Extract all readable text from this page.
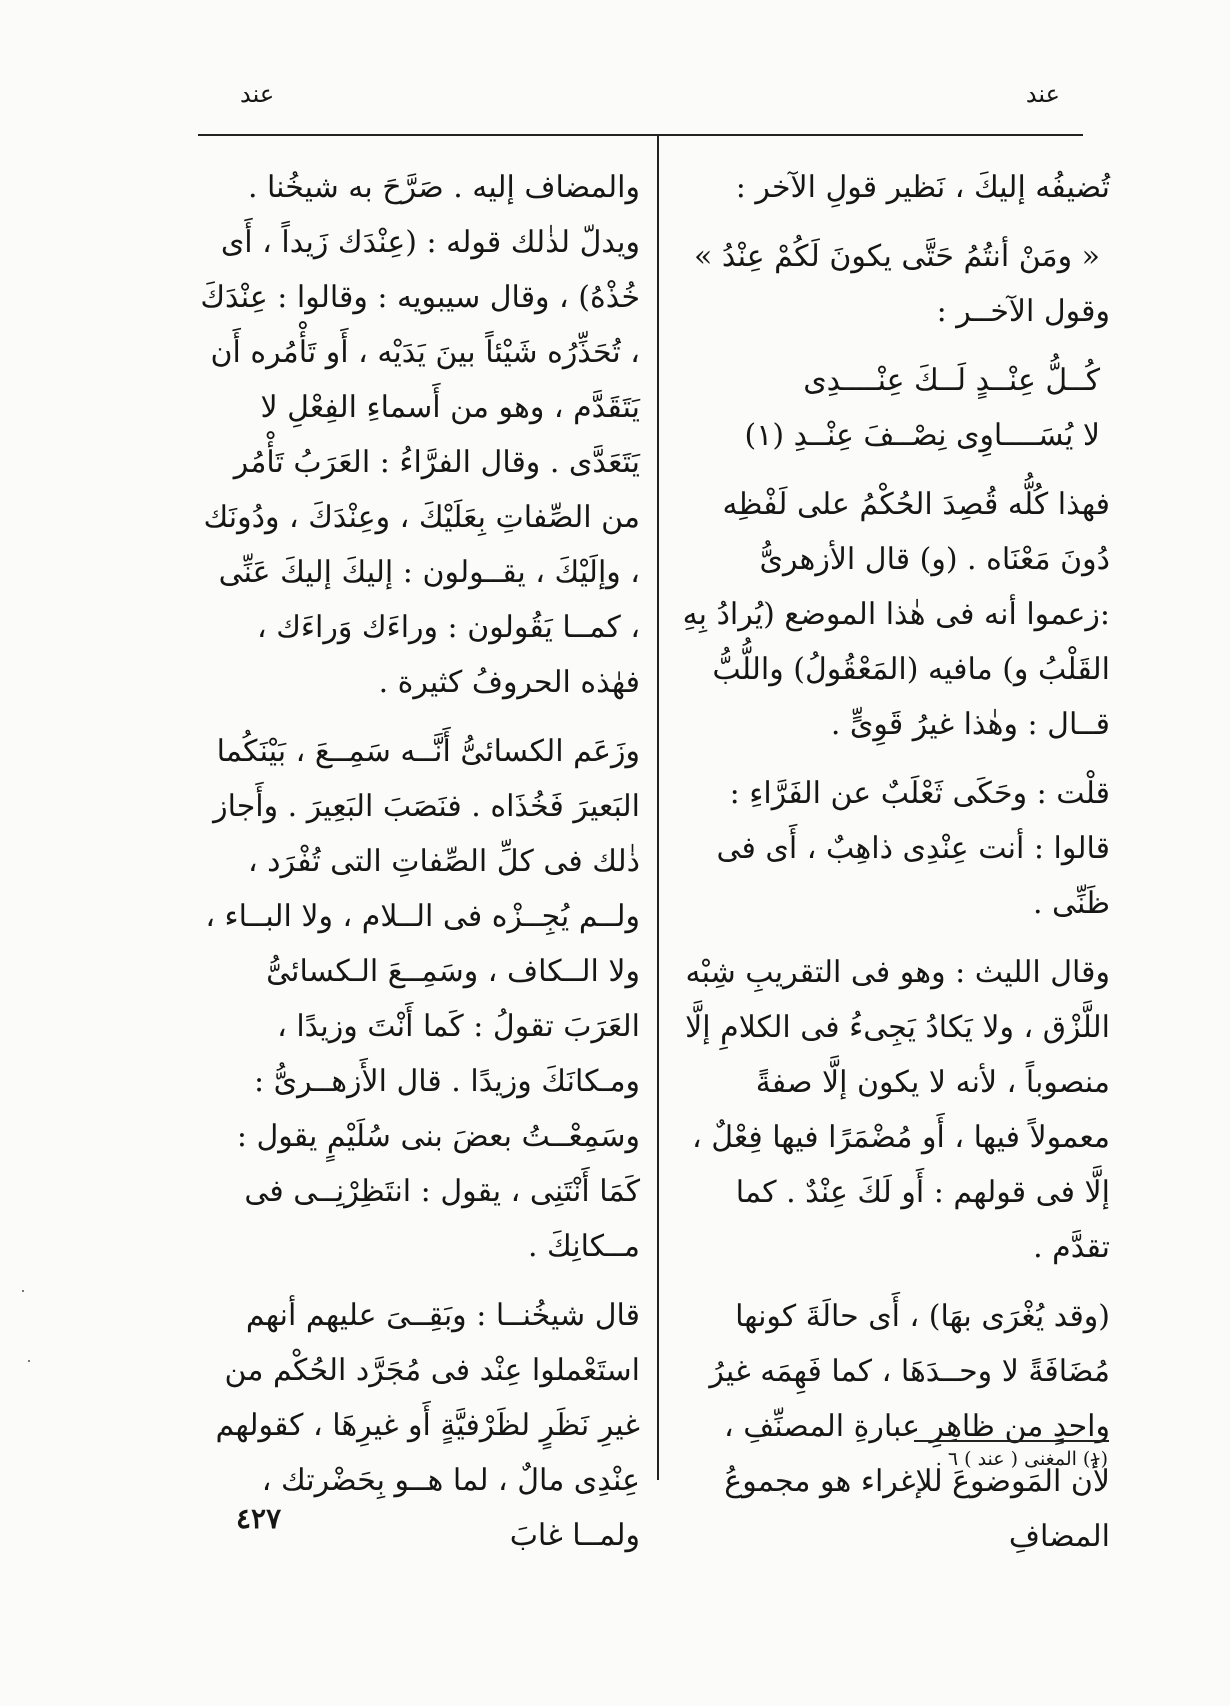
عند
عند
تُضيفُه إليكَ ، نَظير قولِ الآخر :
« ومَنْ أنتُمُ حَتَّى يكونَ لَكُمْ عِنْدُ »
وقول الآخــر :
كُــلُّ عِنْــدٍ لَــكَ عِنْــــدِى
لا يُسَــــاوِى نِصْــفَ عِنْــدِ (١)
فهذا كُلُّه قُصِدَ الحُكْمُ على لَفْظِه دُونَ مَعْنَاه . (و) قال الأزهرىُّ :زعموا أنه فى هٰذا الموضع (يُرادُ بِهِ القَلْبُ و) مافيه (المَعْقُولُ) واللُّبُّ قــال : وهٰذا غيرُ قَوِىٍّ .
قلْت : وحَكَى ثَعْلَبٌ عن الفَرَّاءِ : قالوا : أنت عِنْدِى ذاهِبٌ ، أَى فى ظَنِّى .
وقال الليث : وهو فى التقريبِ شِبْه اللَّزْق ، ولا يَكادُ يَجِىءُ فى الكلامِ إلَّا منصوباً ، لأنه لا يكون إلَّا صفةً معمولاً فيها ، أَو مُضْمَرًا فيها فِعْلٌ ، إلَّا فى قولهم : أَو لَكَ عِنْدٌ . كما تقدَّم .
(وقد يُغْرَى بهَا) ، أَى حالَةَ كونها مُضَافَةً لا وحــدَهَا ، كما فَهِمَه غيرُ واحدٍ من ظاهِرِ عبارةِ المصنِّفِ ، لأَن المَوضوعَ للإغراء هو مجموعُ المضافِ
والمضاف إليه . صَرَّحَ به شيخُنا . ويدلّ لذٰلك قوله : (عِنْدَك زَيداً ، أَى خُذْهُ) ، وقال سيبويه : وقالوا : عِنْدَكَ ، تُحَذِّرُه شَيْئاً بينَ يَدَيْه ، أَو تَأْمُره أَن يَتَقَدَّم ، وهو من أَسماءِ الفِعْلِ لا يَتَعَدَّى . وقال الفرَّاءُ : العَرَبُ تَأْمُر من الصِّفاتِ بِعَلَيْكَ ، وعِنْدَكَ ، ودُونَك ، وإلَيْكَ ، يقــولون : إليكَ إليكَ عَنِّى ، كمــا يَقُولون : وراءَك وَراءَك ، فهٰذه الحروفُ كثيرة .
وزَعَم الكسائىُّ أَنَّــه سَمِــعَ ، بَيْنَكُما البَعيرَ فَخُذَاه . فنَصَبَ البَعِيرَ . وأَجاز ذٰلك فى كلِّ الصِّفاتِ التى تُفْرَد ، ولــم يُجِــزْه فى الــلام ، ولا البــاء ، ولا الــكاف ، وسَمِــعَ الـكسائىُّ العَرَبَ تقولُ : كَما أَنْتَ وزيدًا ، ومـكانَكَ وزيدًا . قال الأَزهــرىُّ : وسَمِعْــتُ بعضَ بنى سُلَيْمٍ يقول : كَمَا أَنْتَنِى ، يقول : انتَظِرْنِــى فى مــكانِكَ .
قال شيخُنــا : وبَقِــىَ عليهم أنهم استَعْملوا عِنْد فى مُجَرَّد الحُكْم من غيرِ نَظَرٍ لظَرْفيَّةٍ أَو غيرِهَا ، كقولهم عِنْدِى مالٌ ، لما هــو بِحَضْرتك ، ولمــا غابَ
(١) المغنى ( عند ) ٦ .
٤٢٧
